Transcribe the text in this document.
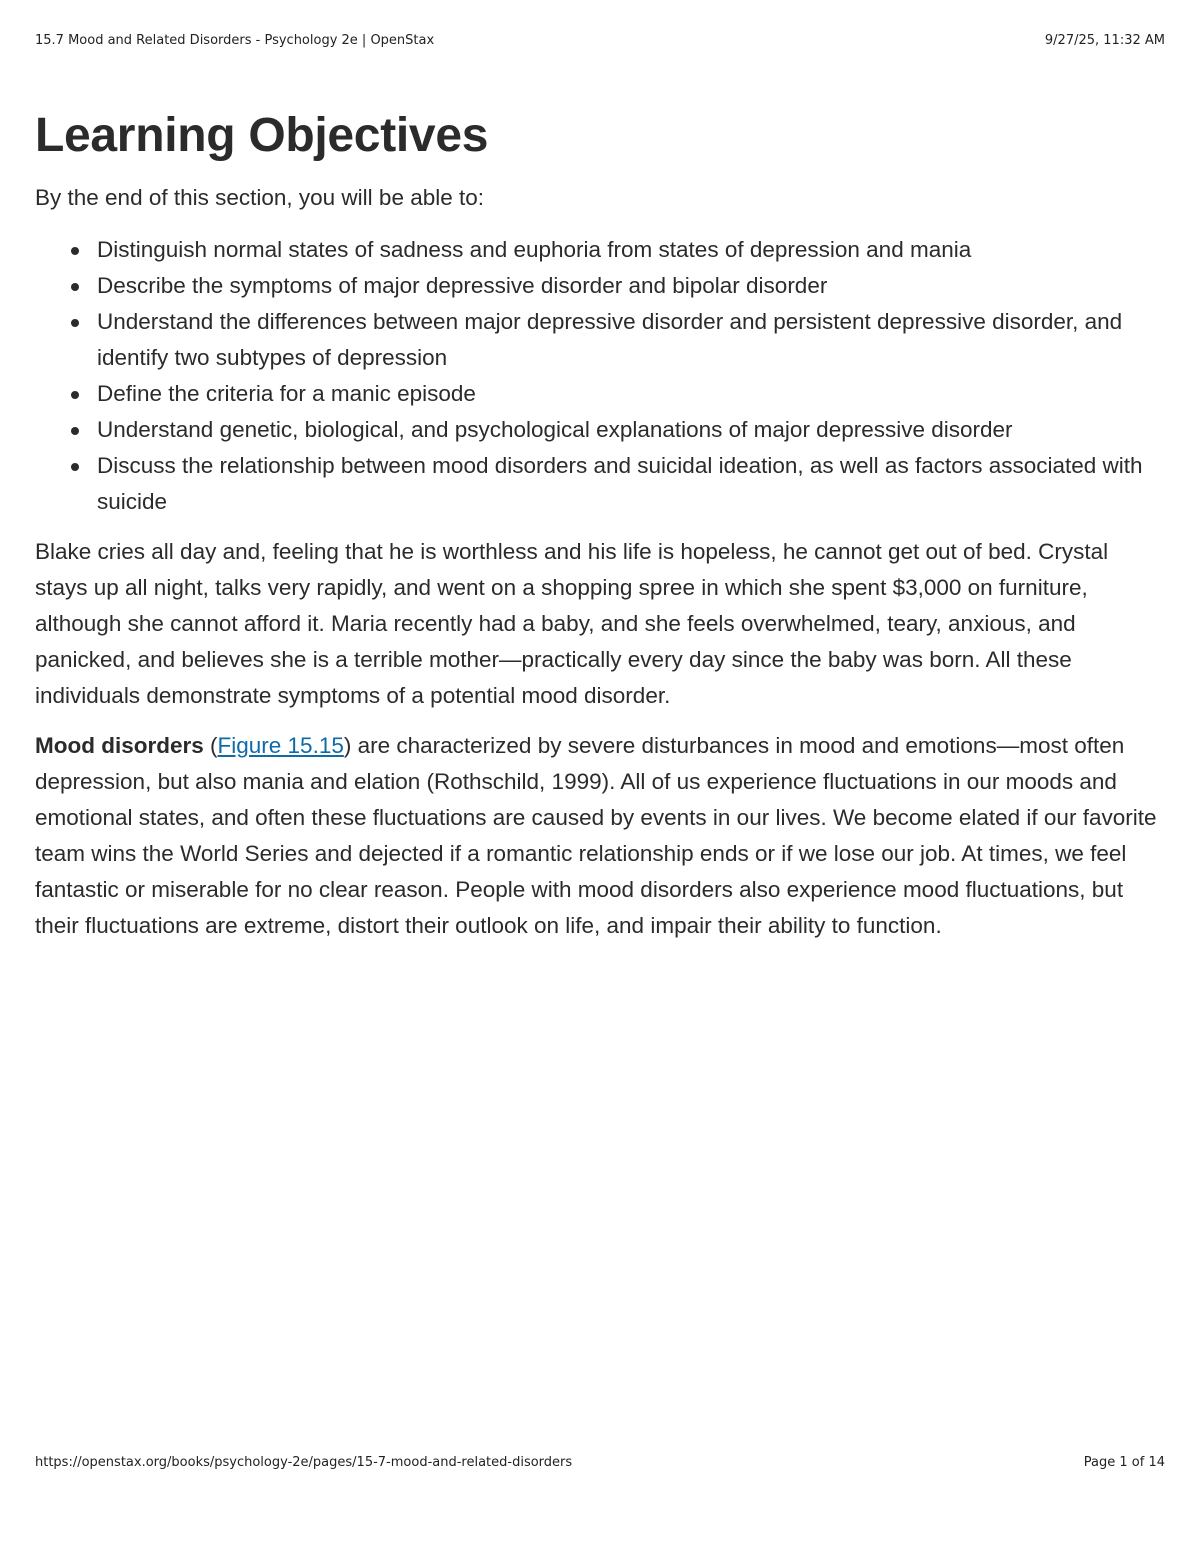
15.7 Mood and Related Disorders - Psychology 2e | OpenStax	9/27/25, 11:32 AM
Learning Objectives

By the end of this section, you will be able to:

Distinguish normal states of sadness and euphoria from states of depression and mania
Describe the symptoms of major depressive disorder and bipolar disorder
Understand the differences between major depressive disorder and persistent depressive disorder, and identify two subtypes of depression
Define the criteria for a manic episode
Understand genetic, biological, and psychological explanations of major depressive disorder
Discuss the relationship between mood disorders and suicidal ideation, as well as factors associated with suicide

Blake cries all day and, feeling that he is worthless and his life is hopeless, he cannot get out of bed. Crystal stays up all night, talks very rapidly, and went on a shopping spree in which she spent $3,000 on furniture, although she cannot afford it. Maria recently had a baby, and she feels overwhelmed, teary, anxious, and panicked, and believes she is a terrible mother—practically every day since the baby was born. All these individuals demonstrate symptoms of a potential mood disorder.

Mood disorders (Figure 15.15) are characterized by severe disturbances in mood and emotions—most often depression, but also mania and elation (Rothschild, 1999). All of us experience fluctuations in our moods and emotional states, and often these fluctuations are caused by events in our lives. We become elated if our favorite team wins the World Series and dejected if a romantic relationship ends or if we lose our job. At times, we feel fantastic or miserable for no clear reason. People with mood disorders also experience mood fluctuations, but their fluctuations are extreme, distort their outlook on life, and impair their ability to function.

https://openstax.org/books/psychology-2e/pages/15-7-mood-and-related-disorders	Page 1 of 14
